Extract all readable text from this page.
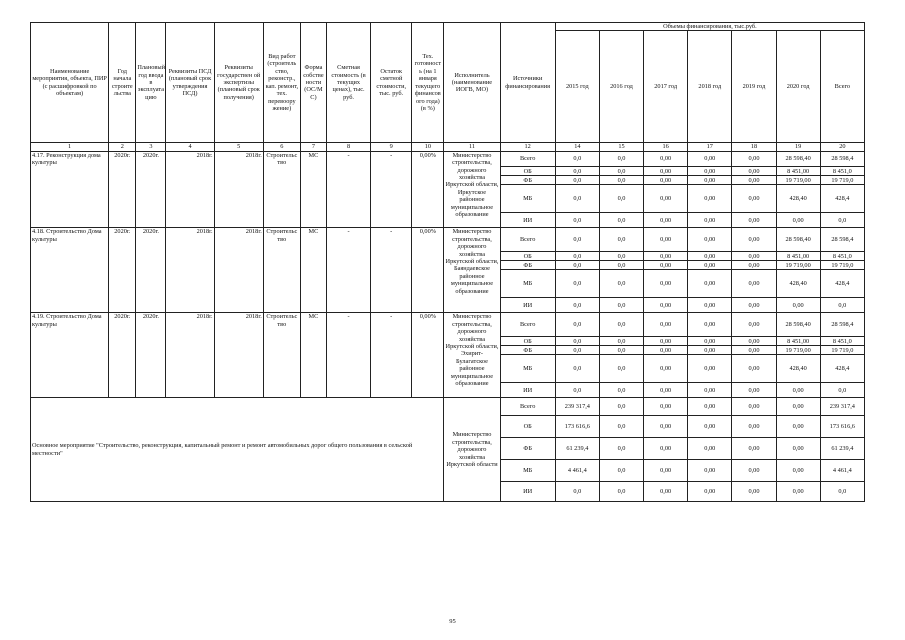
Наименование мероприятия, объекта, ПИР (с расшифровкой по объектам)	Год начала строите льства	Плановый год ввода в эксплуата цию	Реквизиты ПСД (плановый срок утверждения ПСД)	Реквизиты государствен ой экспертизы (плановый срок получения)	Вид работ (строитель ство, реконстр., кап. ремонт, тех. перевоору жение)	Форма собстве ности (ОС/М С)	Сметная стоимость (в текущих ценах), тыс. руб.	Остаток сметной стоимости, тыс. руб.	Тех. готовност ь (на 1 января текущего финансов ого года) (в %)	Исполнитель (наименование ИОГВ, МО)	Источники финансирования	Объемы финансирования, тыс.руб.						
												2015 год	2016 год	2017 год	2018 год	2019 год	2020 год	Всего
1	2	3	4	5	6	7	8	9	10	11	12	14	15	16	17	18	19	20
4.17. Реконструкция дома культуры	2020г.	2020г.	2018г.	2018г.	Строительс тво	МС	-	-	0,00%	Министерство строительства, дорожного хозяйства Иркутской области, Иркутское районное муниципальное образование	Всего	0,0	0,0	0,00	0,00	0,00	28 598,40	28 598,4
											ОБ	0,0	0,0	0,00	0,00	0,00	8 451,00	8 451,0
											ФБ	0,0	0,0	0,00	0,00	0,00	19 719,00	19 719,0
											МБ	0,0	0,0	0,00	0,00	0,00	428,40	428,4
											ИИ	0,0	0,0	0,00	0,00	0,00	0,00	0,0
4.18. Строительство Дома культуры	2020г.	2020г.	2018г.	2018г.	Строительс тво	МС	-	-	0,00%	Министерство строительства, дорожного хозяйства Иркутской области, Баяндаевское районное муниципальное образование	Всего	0,0	0,0	0,00	0,00	0,00	28 598,40	28 598,4
											ОБ	0,0	0,0	0,00	0,00	0,00	8 451,00	8 451,0
											ФБ	0,0	0,0	0,00	0,00	0,00	19 719,00	19 719,0
											МБ	0,0	0,0	0,00	0,00	0,00	428,40	428,4
											ИИ	0,0	0,0	0,00	0,00	0,00	0,00	0,0
4.19. Строительство Дома культуры	2020г.	2020г.	2018г.	2018г.	Строительс тво	МС	-	-	0,00%	Министерство строительства, дорожного хозяйства Иркутской области, Эхирит-Булагатское районное муниципальное образование	Всего	0,0	0,0	0,00	0,00	0,00	28 598,40	28 598,4
											ОБ	0,0	0,0	0,00	0,00	0,00	8 451,00	8 451,0
											ФБ	0,0	0,0	0,00	0,00	0,00	19 719,00	19 719,0
											МБ	0,0	0,0	0,00	0,00	0,00	428,40	428,4
											ИИ	0,0	0,0	0,00	0,00	0,00	0,00	0,0
Основное мероприятие "Строительство, реконструкция, капитальный ремонт и ремонт автомобильных дорог общего пользования в сельской местности"										Министерство строительства, дорожного хозяйства Иркутской области	Всего	239 317,4	0,0	0,00	0,00	0,00	0,00	239 317,4
											ОБ	173 616,6	0,0	0,00	0,00	0,00	0,00	173 616,6
											ФБ	61 239,4	0,0	0,00	0,00	0,00	0,00	61 239,4
											МБ	4 461,4	0,0	0,00	0,00	0,00	0,00	4 461,4
											ИИ	0,0	0,0	0,00	0,00	0,00	0,00	0,0
95
